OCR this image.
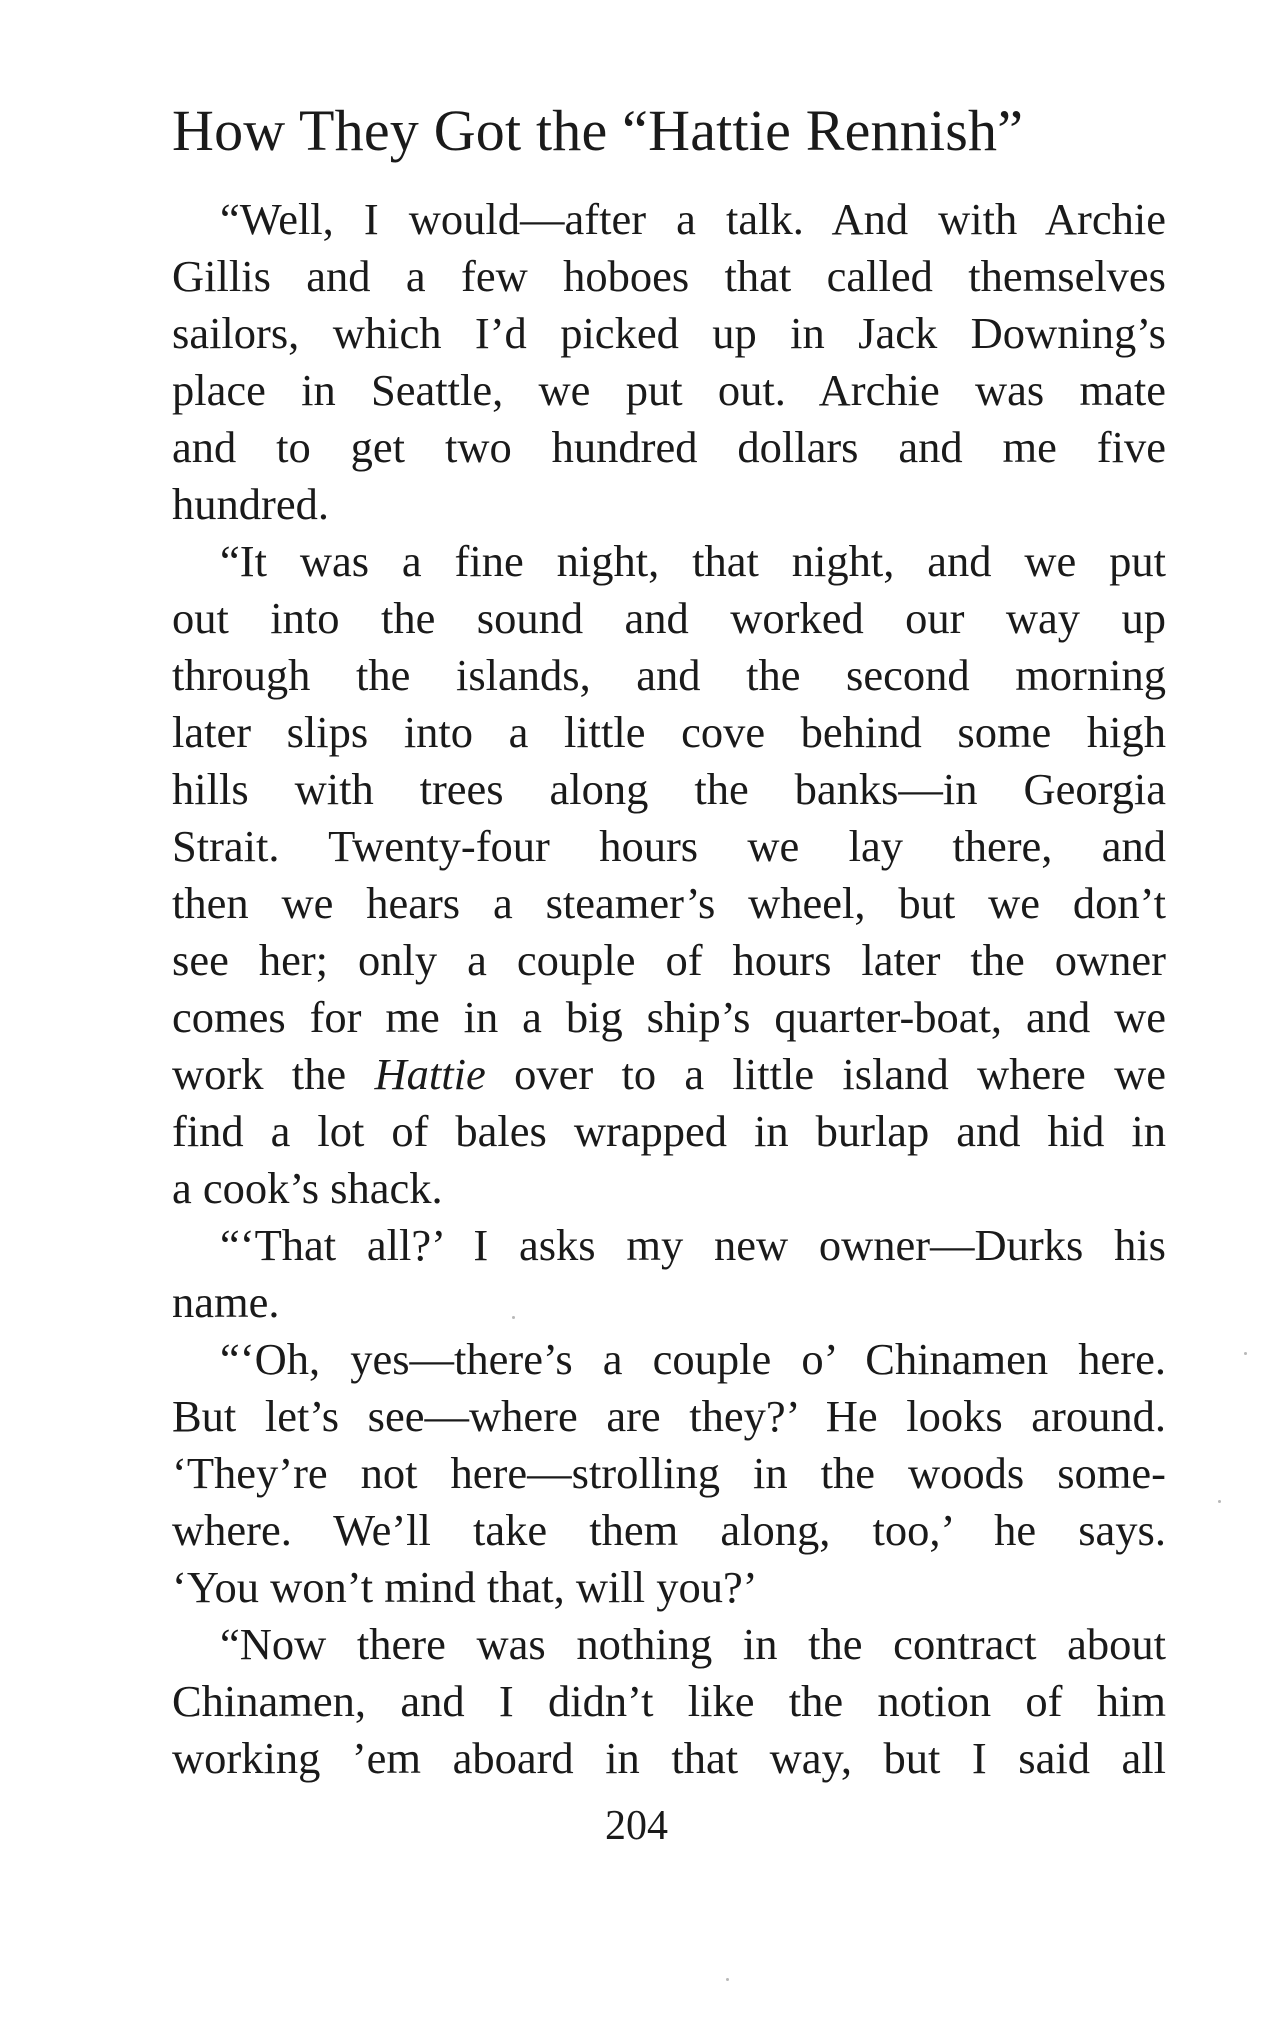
How They Got the “Hattie Rennish”
“Well, I would—after a talk. And with Archie
Gillis and a few hoboes that called themselves
sailors, which I’d picked up in Jack Downing’s
place in Seattle, we put out. Archie was mate
and to get two hundred dollars and me five
hundred.
“It was a fine night, that night, and we put
out into the sound and worked our way up
through the islands, and the second morning
later slips into a little cove behind some high
hills with trees along the banks—in Georgia
Strait. Twenty-four hours we lay there, and
then we hears a steamer’s wheel, but we don’t
see her; only a couple of hours later the owner
comes for me in a big ship’s quarter-boat, and we
work the Hattie over to a little island where we
find a lot of bales wrapped in burlap and hid in
a cook’s shack.
“‘That all?’ I asks my new owner—Durks his
name.
“‘Oh, yes—there’s a couple o’ Chinamen here.
But let’s see—where are they?’ He looks around.
‘They’re not here—strolling in the woods some-
where. We’ll take them along, too,’ he says.
‘You won’t mind that, will you?’
“Now there was nothing in the contract about
Chinamen, and I didn’t like the notion of him
working ’em aboard in that way, but I said all
204
